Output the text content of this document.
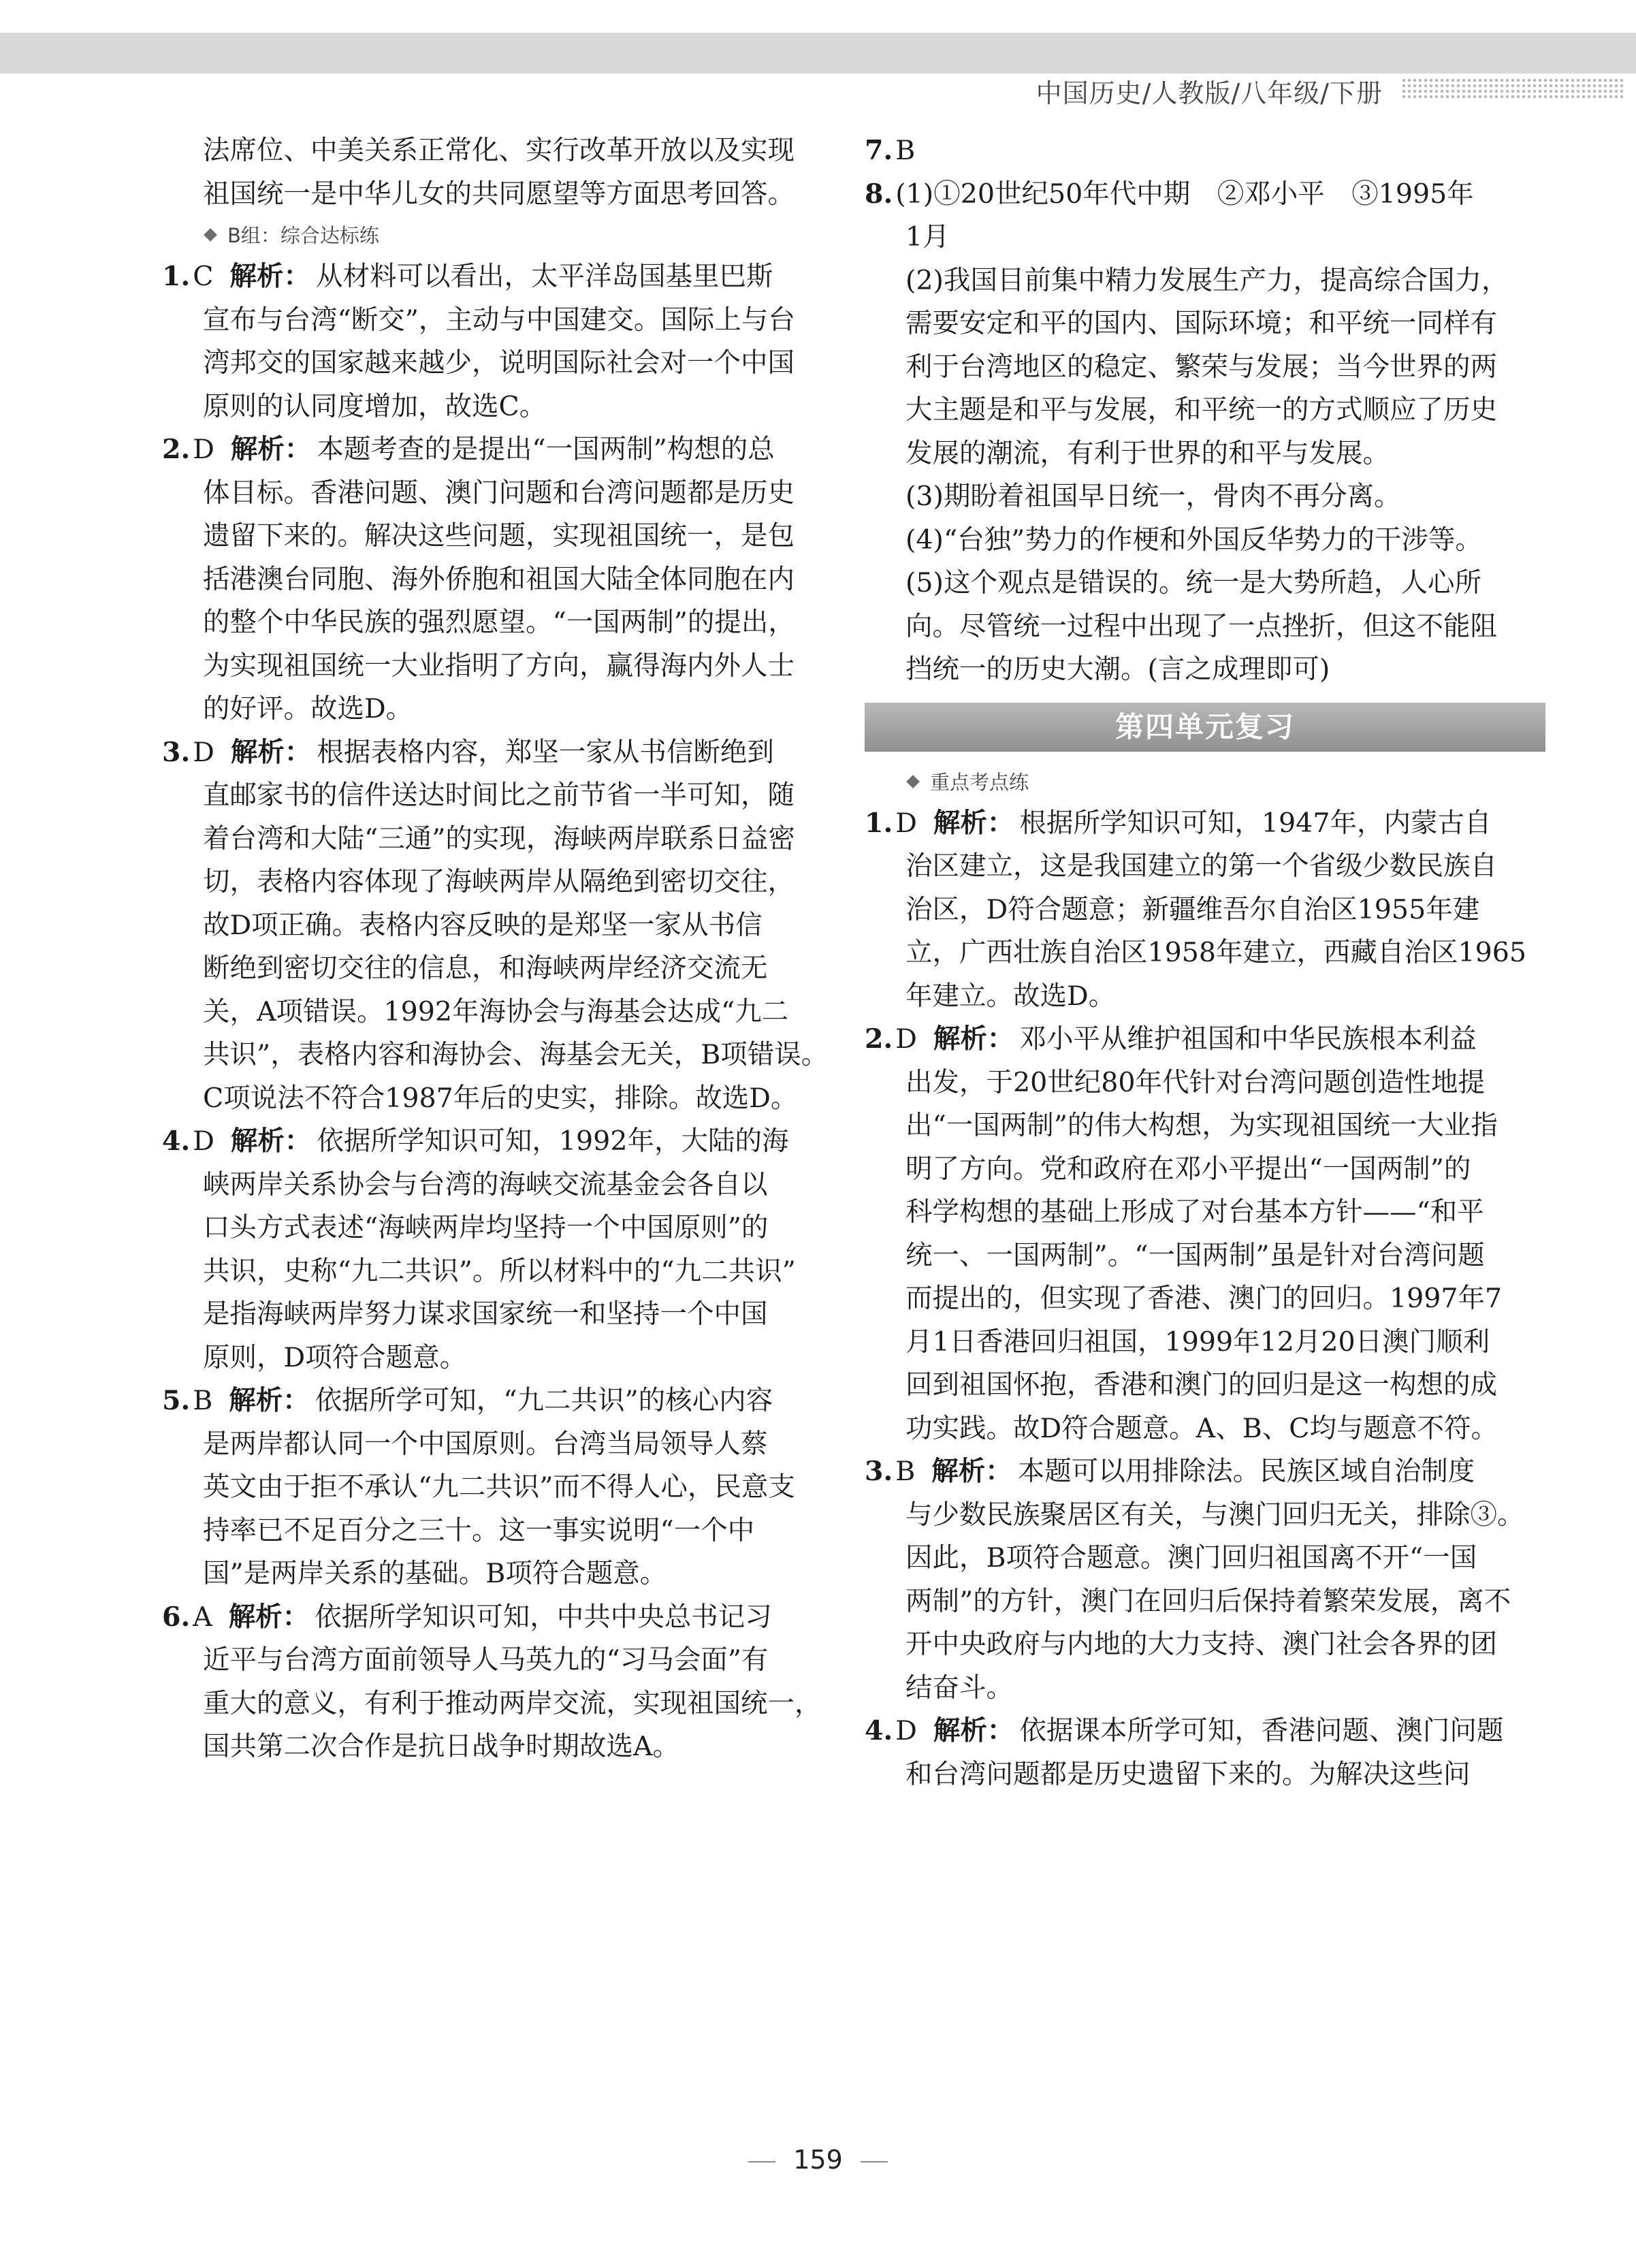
中国历史/人教版/八年级/下册
法席位、中美关系正常化、实行改革开放以及实现
祖国统一是中华儿女的共同愿望等方面思考回答。
B组：综合达标练
1. C 解析： 从材料可以看出，太平洋岛国基里巴斯
宣布与台湾“断交”，主动与中国建交。国际上与台
湾邦交的国家越来越少，说明国际社会对一个中国
原则的认同度增加，故选C。
2. D 解析： 本题考查的是提出“一国两制”构想的总
体目标。香港问题、澳门问题和台湾问题都是历史
遗留下来的。解决这些问题，实现祖国统一，是包
括港澳台同胞、海外侨胞和祖国大陆全体同胞在内
的整个中华民族的强烈愿望。“一国两制”的提出，
为实现祖国统一大业指明了方向，赢得海内外人士
的好评。故选D。
3. D 解析： 根据表格内容，郑坚一家从书信断绝到
直邮家书的信件送达时间比之前节省一半可知，随
着台湾和大陆“三通”的实现，海峡两岸联系日益密
切，表格内容体现了海峡两岸从隔绝到密切交往，
故D项正确。表格内容反映的是郑坚一家从书信
断绝到密切交往的信息，和海峡两岸经济交流无
关，A项错误。1992年海协会与海基会达成“九二
共识”，表格内容和海协会、海基会无关，B项错误。
C项说法不符合1987年后的史实，排除。故选D。
4. D 解析： 依据所学知识可知，1992年，大陆的海
峡两岸关系协会与台湾的海峡交流基金会各自以
口头方式表述“海峡两岸均坚持一个中国原则”的
共识，史称“九二共识”。所以材料中的“九二共识”
是指海峡两岸努力谋求国家统一和坚持一个中国
原则，D项符合题意。
5. B 解析： 依据所学可知，“九二共识”的核心内容
是两岸都认同一个中国原则。台湾当局领导人蔡
英文由于拒不承认“九二共识”而不得人心，民意支
持率已不足百分之三十。这一事实说明“一个中
国”是两岸关系的基础。B项符合题意。
6. A 解析： 依据所学知识可知，中共中央总书记习
近平与台湾方面前领导人马英九的“习马会面”有
重大的意义，有利于推动两岸交流，实现祖国统一，
国共第二次合作是抗日战争时期故选A。
7. B
8. (1)①20世纪50年代中期　②邓小平　③1995年
1月
(2)我国目前集中精力发展生产力，提高综合国力，
需要安定和平的国内、国际环境；和平统一同样有
利于台湾地区的稳定、繁荣与发展；当今世界的两
大主题是和平与发展，和平统一的方式顺应了历史
发展的潮流，有利于世界的和平与发展。
(3)期盼着祖国早日统一，骨肉不再分离。
(4)“台独”势力的作梗和外国反华势力的干涉等。
(5)这个观点是错误的。统一是大势所趋，人心所
向。尽管统一过程中出现了一点挫折，但这不能阻
挡统一的历史大潮。(言之成理即可)
第四单元复习
重点考点练
1. D 解析： 根据所学知识可知，1947年，内蒙古自
治区建立，这是我国建立的第一个省级少数民族自
治区，D符合题意；新疆维吾尔自治区1955年建
立，广西壮族自治区1958年建立，西藏自治区1965
年建立。故选D。
2. D 解析： 邓小平从维护祖国和中华民族根本利益
出发，于20世纪80年代针对台湾问题创造性地提
出“一国两制”的伟大构想，为实现祖国统一大业指
明了方向。党和政府在邓小平提出“一国两制”的
科学构想的基础上形成了对台基本方针——“和平
统一、一国两制”。“一国两制”虽是针对台湾问题
而提出的，但实现了香港、澳门的回归。1997年7
月1日香港回归祖国，1999年12月20日澳门顺利
回到祖国怀抱，香港和澳门的回归是这一构想的成
功实践。故D符合题意。A、B、C均与题意不符。
3. B 解析： 本题可以用排除法。民族区域自治制度
与少数民族聚居区有关，与澳门回归无关，排除③。
因此，B项符合题意。澳门回归祖国离不开“一国
两制”的方针，澳门在回归后保持着繁荣发展，离不
开中央政府与内地的大力支持、澳门社会各界的团
结奋斗。
4. D 解析： 依据课本所学可知，香港问题、澳门问题
和台湾问题都是历史遗留下来的。为解决这些问
159
